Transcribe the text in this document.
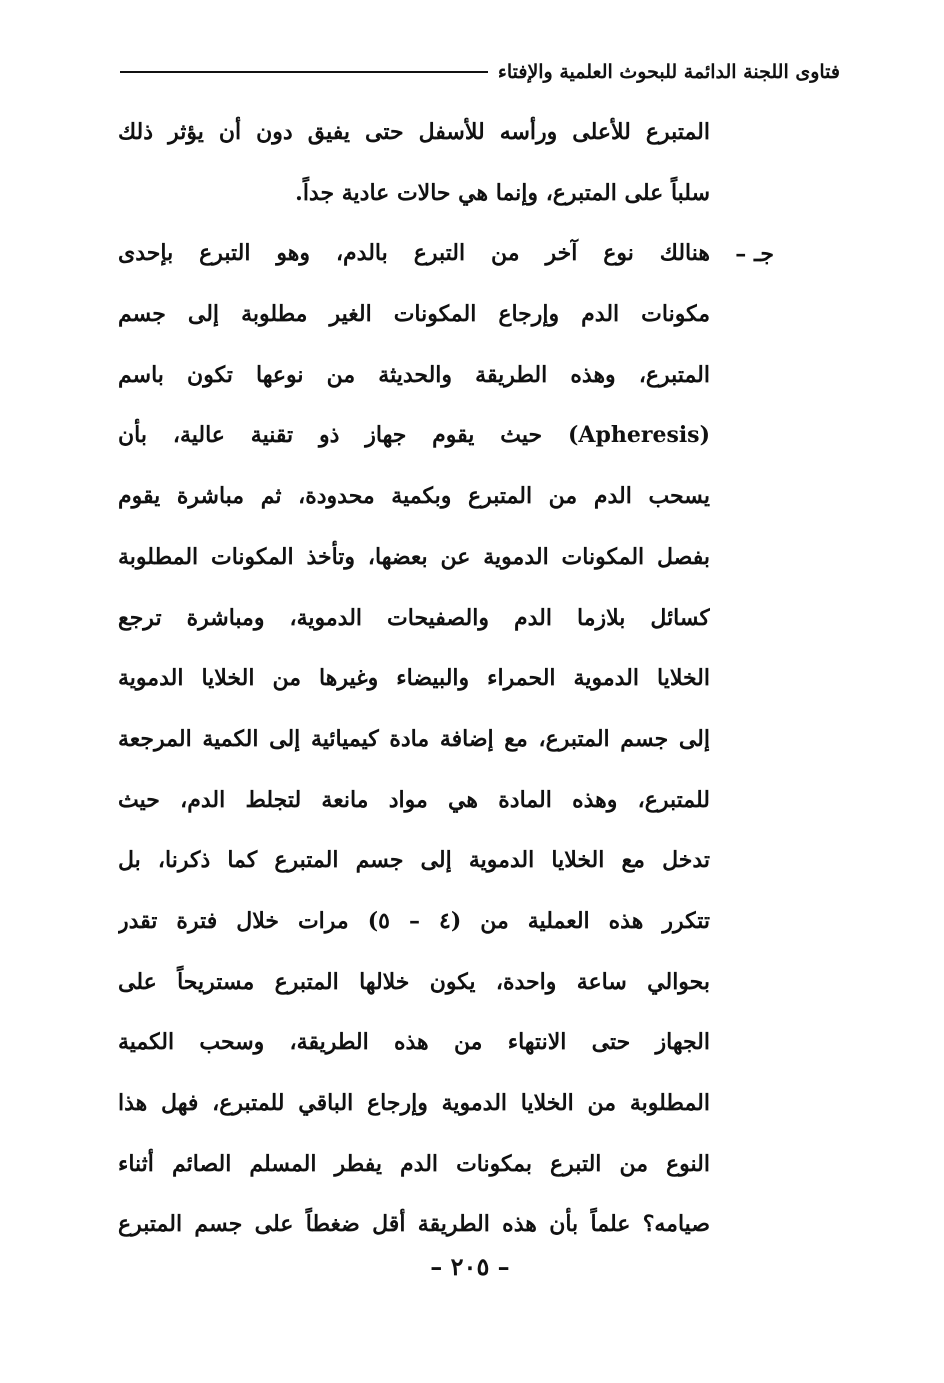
فتاوى اللجنة الدائمة للبحوث العلمية والإفتاء
جـ –
المتبرع للأعلى ورأسه للأسفل حتى يفيق دون أن يؤثر ذلك
سلباً على المتبرع، وإنما هي حالات عادية جداً.
هنالك نوع آخر من التبرع بالدم، وهو التبرع بإحدى
مكونات الدم وإرجاع المكونات الغير مطلوبة إلى جسم
المتبرع، وهذه الطريقة والحديثة من نوعها تكون باسم
(Apheresis) حيث يقوم جهاز ذو تقنية عالية، بأن
يسحب الدم من المتبرع وبكمية محدودة، ثم مباشرة يقوم
بفصل المكونات الدموية عن بعضها، وتأخذ المكونات المطلوبة
كسائل بلازما الدم والصفيحات الدموية، ومباشرة ترجع
الخلايا الدموية الحمراء والبيضاء وغيرها من الخلايا الدموية
إلى جسم المتبرع، مع إضافة مادة كيميائية إلى الكمية المرجعة
للمتبرع، وهذه المادة هي مواد مانعة لتجلط الدم، حيث
تدخل مع الخلايا الدموية إلى جسم المتبرع كما ذكرنا، بل
تتكرر هذه العملية من (٤ – ٥) مرات خلال فترة تقدر
بحوالي ساعة واحدة، يكون خلالها المتبرع مستريحاً على
الجهاز حتى الانتهاء من هذه الطريقة، وسحب الكمية
المطلوبة من الخلايا الدموية وإرجاع الباقي للمتبرع، فهل هذا
النوع من التبرع بمكونات الدم يفطر المسلم الصائم أثناء
صيامه؟ علماً بأن هذه الطريقة أقل ضغطاً على جسم المتبرع
– ٢٠٥ –
